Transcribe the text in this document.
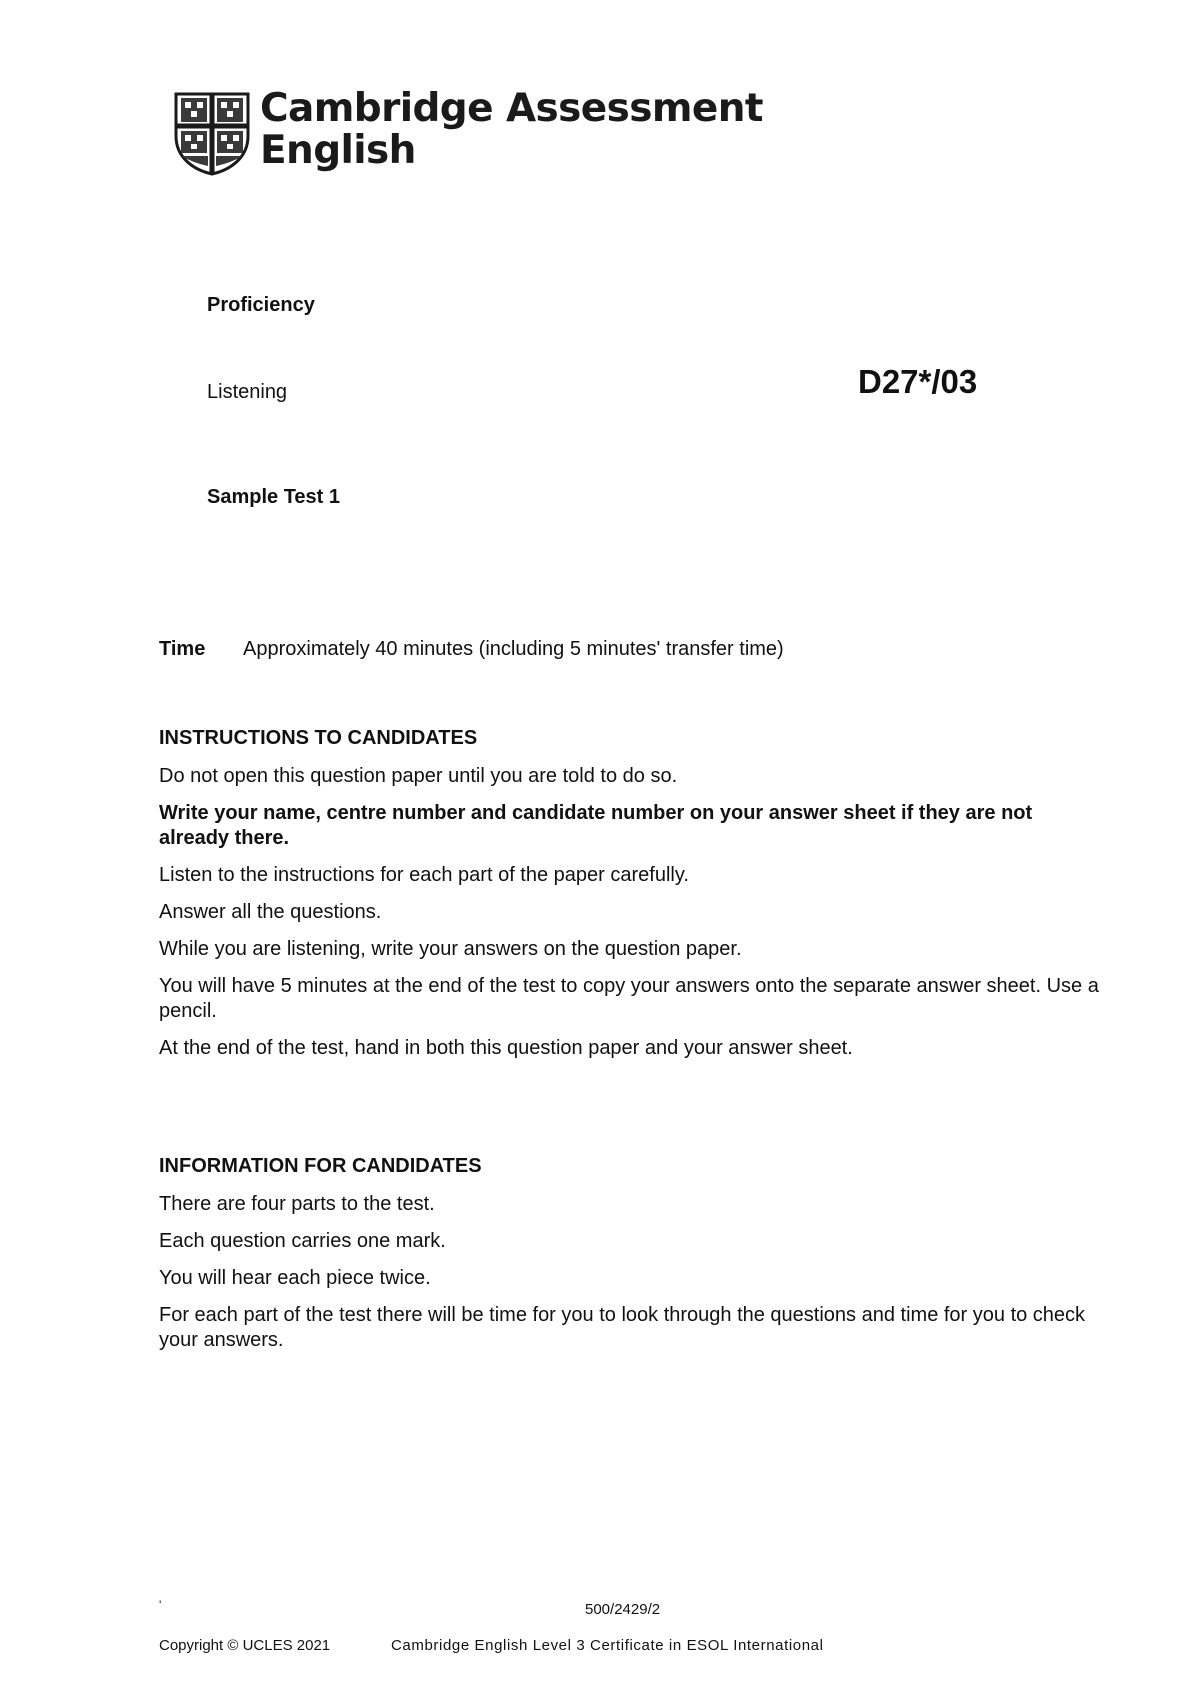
Cambridge Assessment
English
Proficiency
Listening	D27*/03
Sample Test 1
Time Approximately 40 minutes (including 5 minutes' transfer time)
INSTRUCTIONS TO CANDIDATES
Do not open this question paper until you are told to do so.
Write your name, centre number and candidate number on your answer sheet if they are not already there.
Listen to the instructions for each part of the paper carefully.
Answer all the questions.
While you are listening, write your answers on the question paper.
You will have 5 minutes at the end of the test to copy your answers onto the separate answer sheet. Use a pencil.
At the end of the test, hand in both this question paper and your answer sheet.
INFORMATION FOR CANDIDATES
There are four parts to the test.
Each question carries one mark.
You will hear each piece twice.
For each part of the test there will be time for you to look through the questions and time for you to check your answers.
'	500/2429/2
Copyright © UCLES 2021	Cambridge English Level 3 Certificate in ESOL International
